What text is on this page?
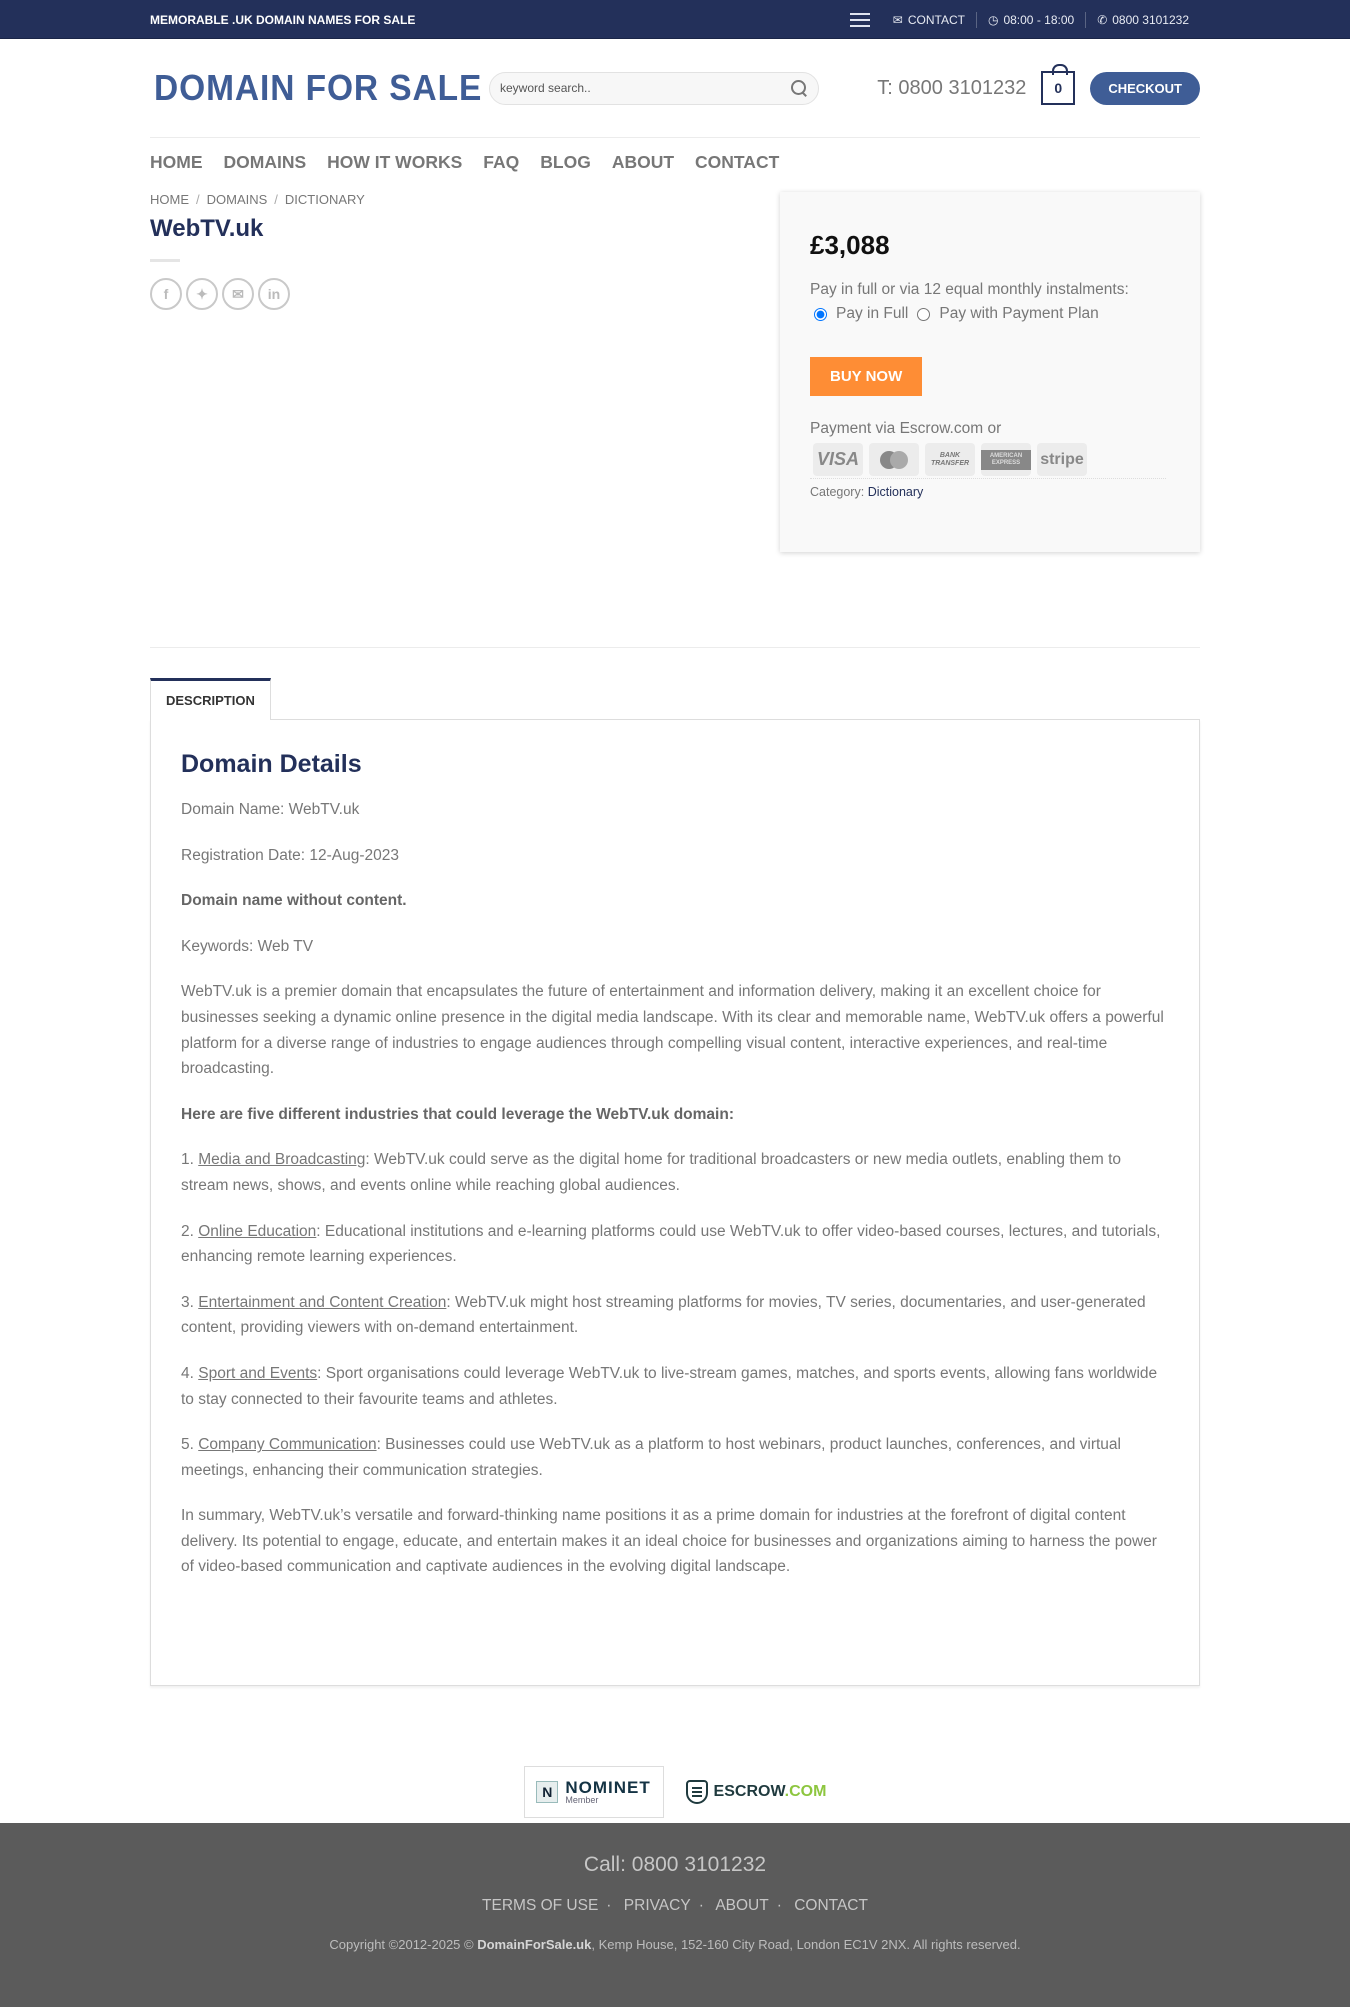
MEMORABLE .UK DOMAIN NAMES FOR SALE	✉ CONTACT ◷ 08:00 - 18:00 ✆ 0800 3101232
DOMAIN FOR SALE
keyword search..	T: 0800 3101232 0	CHECKOUT
HOME DOMAINS HOW IT WORKS FAQ BLOG ABOUT CONTACT
HOME / DOMAINS / DICTIONARY
WebTV.uk
f	✦	✉	in
£3,088
Pay in full or via 12 equal monthly instalments:
Pay in Full Pay with Payment Plan
BUY NOW
Payment via Escrow.com or
VISA	BANK TRANSFER
AMERICAN EXPRESS	stripe
Category: Dictionary
DESCRIPTION
Domain Details

Domain Name: WebTV.uk

Registration Date: 12-Aug-2023

Domain name without content.

Keywords: Web TV

WebTV.uk is a premier domain that encapsulates the future of entertainment and information delivery, making it an excellent choice for businesses seeking a dynamic online presence in the digital media landscape. With its clear and memorable name, WebTV.uk offers a powerful platform for a diverse range of industries to engage audiences through compelling visual content, interactive experiences, and real-time broadcasting.

Here are five different industries that could leverage the WebTV.uk domain:

1. Media and Broadcasting: WebTV.uk could serve as the digital home for traditional broadcasters or new media outlets, enabling them to stream news, shows, and events online while reaching global audiences.

2. Online Education: Educational institutions and e-learning platforms could use WebTV.uk to offer video-based courses, lectures, and tutorials, enhancing remote learning experiences.

3. Entertainment and Content Creation: WebTV.uk might host streaming platforms for movies, TV series, documentaries, and user-generated content, providing viewers with on-demand entertainment.

4. Sport and Events: Sport organisations could leverage WebTV.uk to live-stream games, matches, and sports events, allowing fans worldwide to stay connected to their favourite teams and athletes.

5. Company Communication: Businesses could use WebTV.uk as a platform to host webinars, product launches, conferences, and virtual meetings, enhancing their communication strategies.

In summary, WebTV.uk’s versatile and forward-thinking name positions it as a prime domain for industries at the forefront of digital content delivery. Its potential to engage, educate, and entertain makes it an ideal choice for businesses and organizations aiming to harness the power of video-based communication and captivate audiences in the evolving digital landscape.

N NOMINET
Member	ESCROW.COM
Call: 0800 3101232
TERMS OF USE · PRIVACY · ABOUT · CONTACT
Copyright ©2012-2025 © DomainForSale.uk, Kemp House, 152-160 City Road, London EC1V 2NX. All rights reserved.
